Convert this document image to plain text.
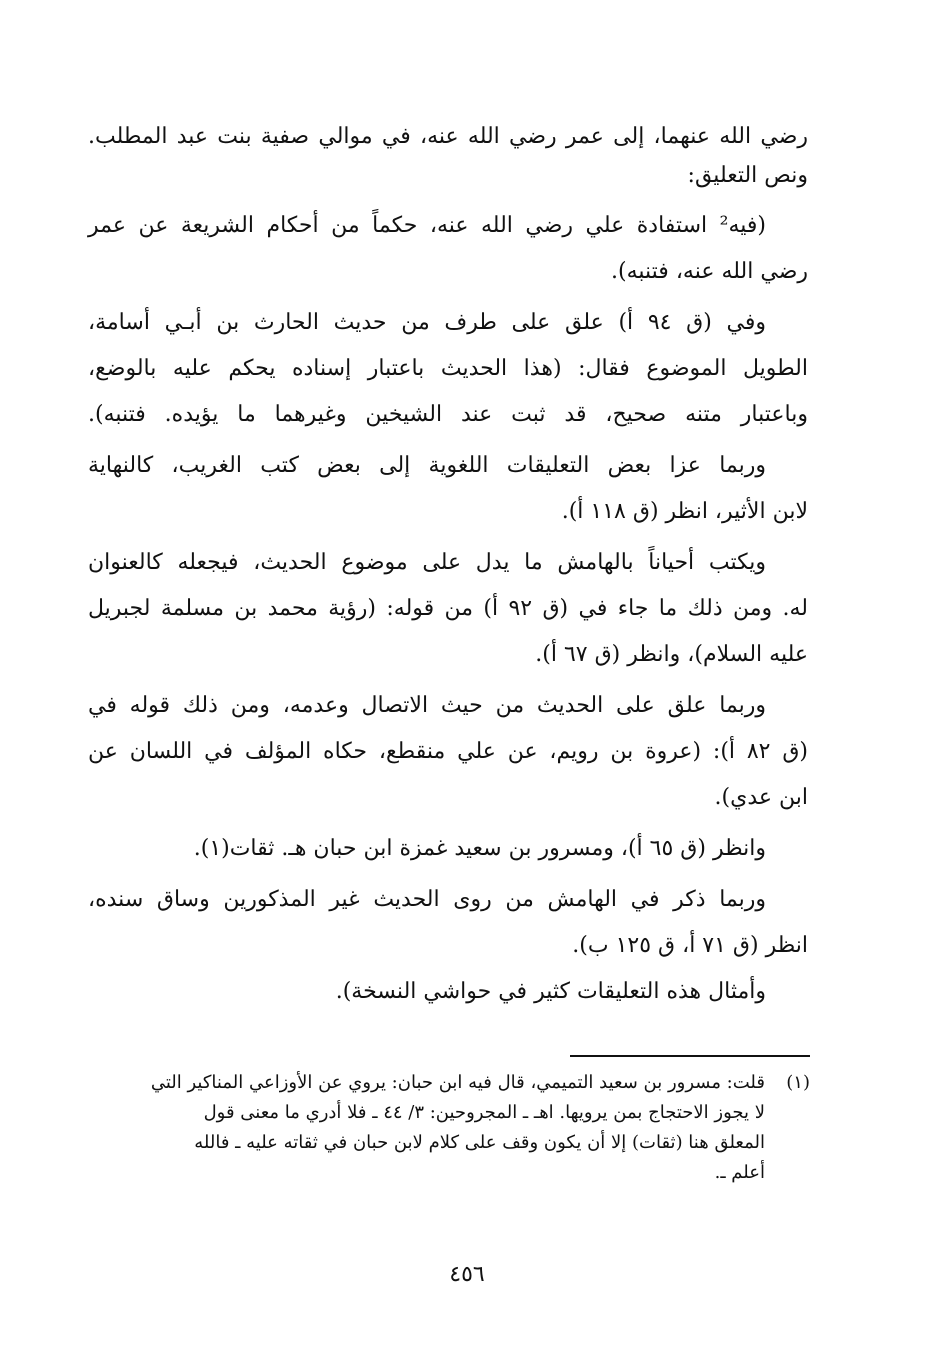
رضي الله عنهما، إلى عمر رضي الله عنه، في موالي صفية بنت عبد المطلب.
ونص التعليق:
(فيه² استفادة علي رضي الله عنه، حكماً من أحكام الشريعة عن عمر
رضي الله عنه، فتنبه).
وفي (ق ٩٤ أ) علق على طرف من حديث الحارث بن أبـي أسامة،
الطويل الموضوع فقال: (هذا الحديث باعتبار إسناده يحكم عليه بالوضع،
وباعتبار متنه صحيح، قد ثبت عند الشيخين وغيرهما ما يؤيده. فتنبه).
وربما عزا بعض التعليقات اللغوية إلى بعض كتب الغريب، كالنهاية
لابن الأثير، انظر (ق ١١٨ أ).
ويكتب أحياناً بالهامش ما يدل على موضوع الحديث، فيجعله كالعنوان
له. ومن ذلك ما جاء في (ق ٩٢ أ) من قوله: (رؤية محمد بن مسلمة لجبريل
عليه السلام)، وانظر (ق ٦٧ أ).
وربما علق على الحديث من حيث الاتصال وعدمه، ومن ذلك قوله في
(ق ٨٢ أ): (عروة بن رويم، عن علي منقطع، حكاه المؤلف في اللسان عن
ابن عدي).
وانظر (ق ٦٥ أ)، ومسرور بن سعيد غمزة ابن حبان هـ. ثقات(١).
وربما ذكر في الهامش من روى الحديث غير المذكورين وساق سنده،
انظر (ق ٧١ أ، ق ١٢٥ ب).
وأمثال هذه التعليقات كثير في حواشي النسخة).
(١)قلت: مسرور بن سعيد التميمي، قال فيه ابن حبان: يروي عن الأوزاعي المناكير التي
لا يجوز الاحتجاج بمن يرويها. اهـ ـ المجروحين: ٣/ ٤٤ ـ فلا أدري ما معنى قول
المعلق هنا (ثقات) إلا أن يكون وقف على كلام لابن حبان في ثقاته عليه ـ فالله
أعلم ـ.
٤٥٦
